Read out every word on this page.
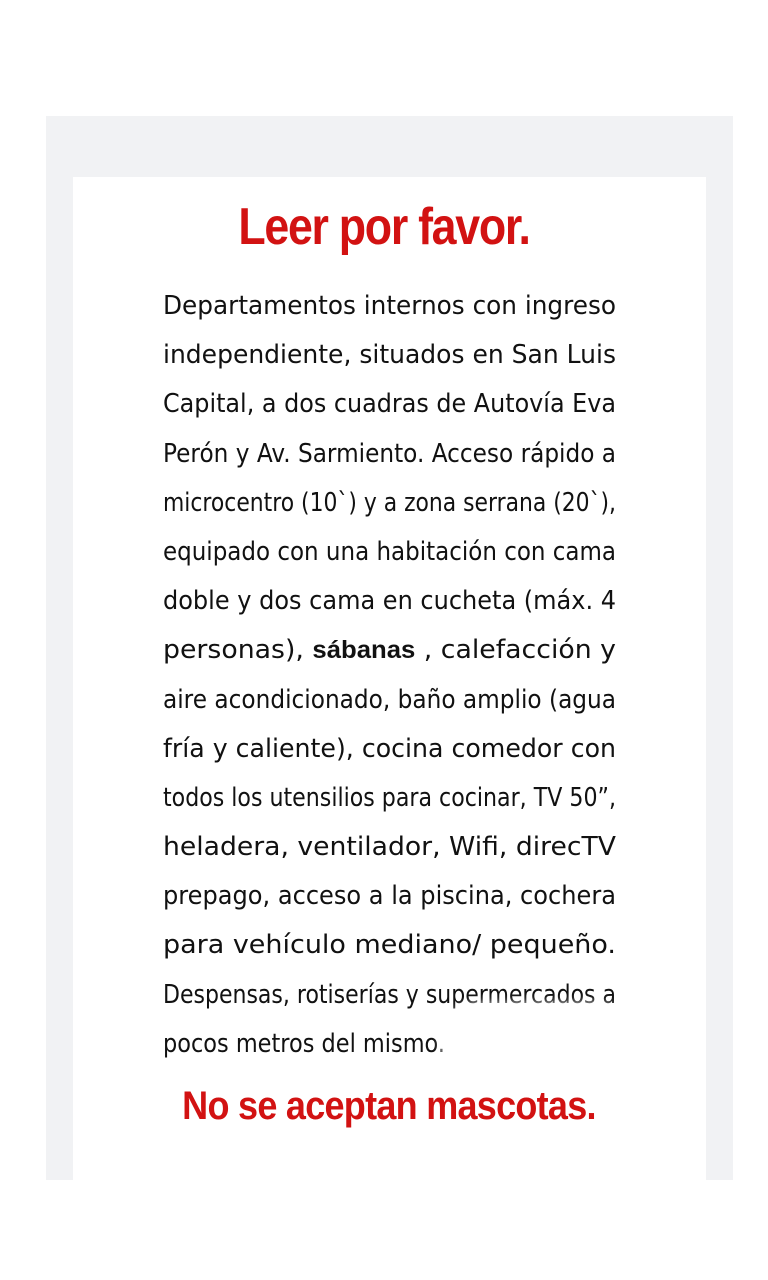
Leer por favor.
Departamentos internos con ingreso
independiente, situados en San Luis
Capital, a dos cuadras de Autovía Eva
Perón y Av. Sarmiento. Acceso rápido a
microcentro (10`) y a zona serrana (20`),
equipado con una habitación con cama
doble y dos cama en cucheta (máx. 4
personas), sábanas , calefacción y
aire acondicionado, baño amplio (agua
fría y caliente), cocina comedor con
todos los utensilios para cocinar, TV 50”,
heladera, ventilador, Wifi, direcTV
prepago, acceso a la piscina, cochera
para vehículo mediano/ pequeño.
Despensas, rotiserías y supermercados a
pocos metros del mismo.
No se aceptan mascotas.
